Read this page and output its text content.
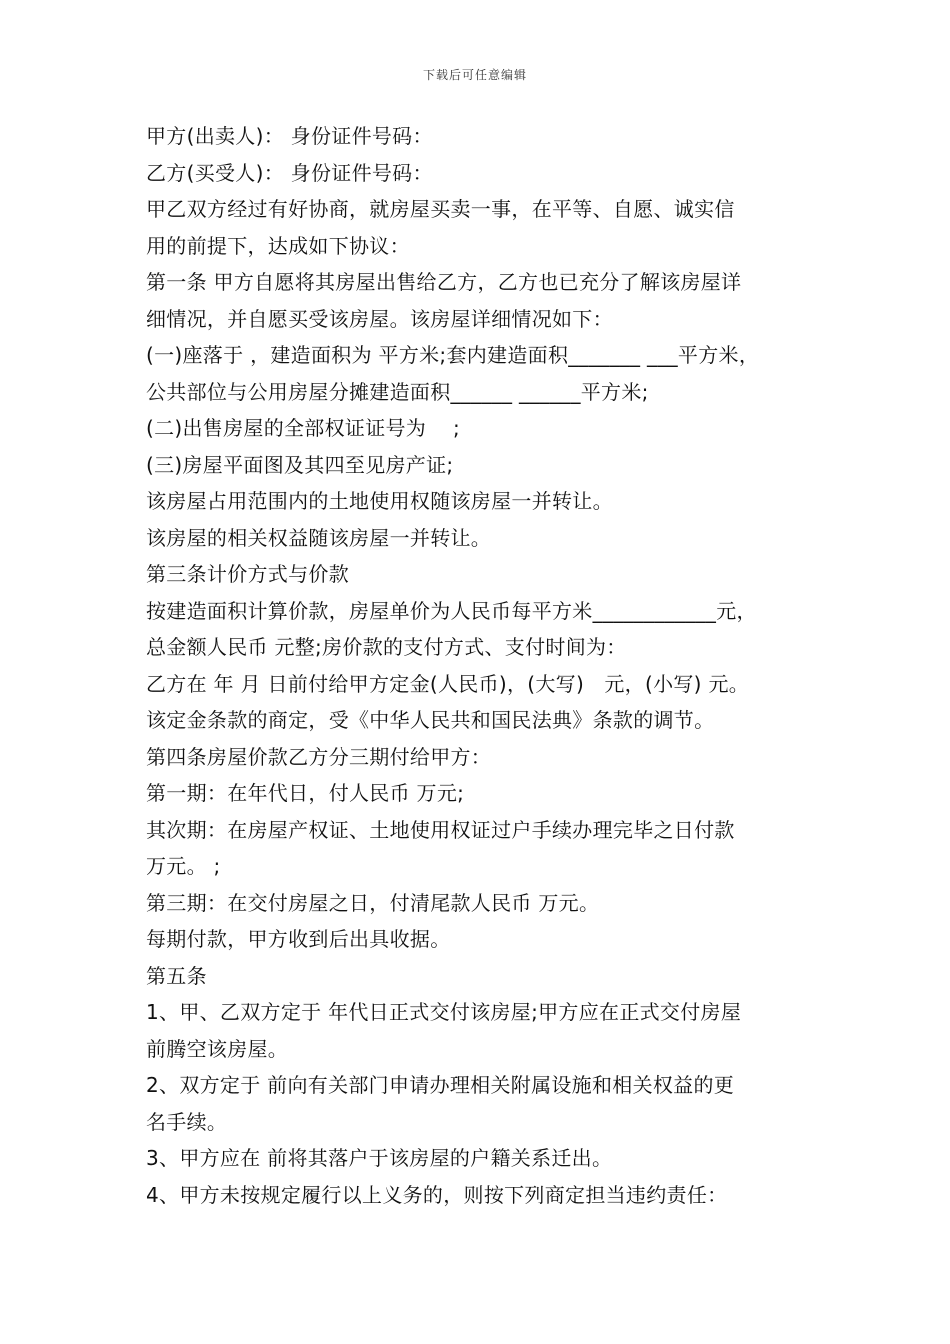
下载后可任意编辑
甲方(出卖人)： 身份证件号码：
乙方(买受人)： 身份证件号码：
甲乙双方经过有好协商，就房屋买卖一事，在平等、自愿、诚实信
用的前提下，达成如下协议：
第一条 甲方自愿将其房屋出售给乙方，乙方也已充分了解该房屋详
细情况，并自愿买受该房屋。该房屋详细情况如下：
(一)座落于 ，建造面积为 平方米;套内建造面积_______ ___平方米，
公共部位与公用房屋分摊建造面积______ ______平方米;
(二)出售房屋的全部权证证号为　 ;
(三)房屋平面图及其四至见房产证;
该房屋占用范围内的土地使用权随该房屋一并转让。
该房屋的相关权益随该房屋一并转让。
第三条计价方式与价款
按建造面积计算价款，房屋单价为人民币每平方米____________元，
总金额人民币 元整;房价款的支付方式、支付时间为：
乙方在 年 月 日前付给甲方定金(人民币)，(大写)　元，(小写) 元。
该定金条款的商定，受《中华人民共和国民法典》条款的调节。
第四条房屋价款乙方分三期付给甲方：
第一期：在年代日，付人民币 万元;
其次期：在房屋产权证、土地使用权证过户手续办理完毕之日付款
万元。 ;
第三期：在交付房屋之日，付清尾款人民币 万元。
每期付款，甲方收到后出具收据。
第五条
1、甲、乙双方定于 年代日正式交付该房屋;甲方应在正式交付房屋
前腾空该房屋。
2、双方定于 前向有关部门申请办理相关附属设施和相关权益的更
名手续。
3、甲方应在 前将其落户于该房屋的户籍关系迁出。
4、甲方未按规定履行以上义务的，则按下列商定担当违约责任：
